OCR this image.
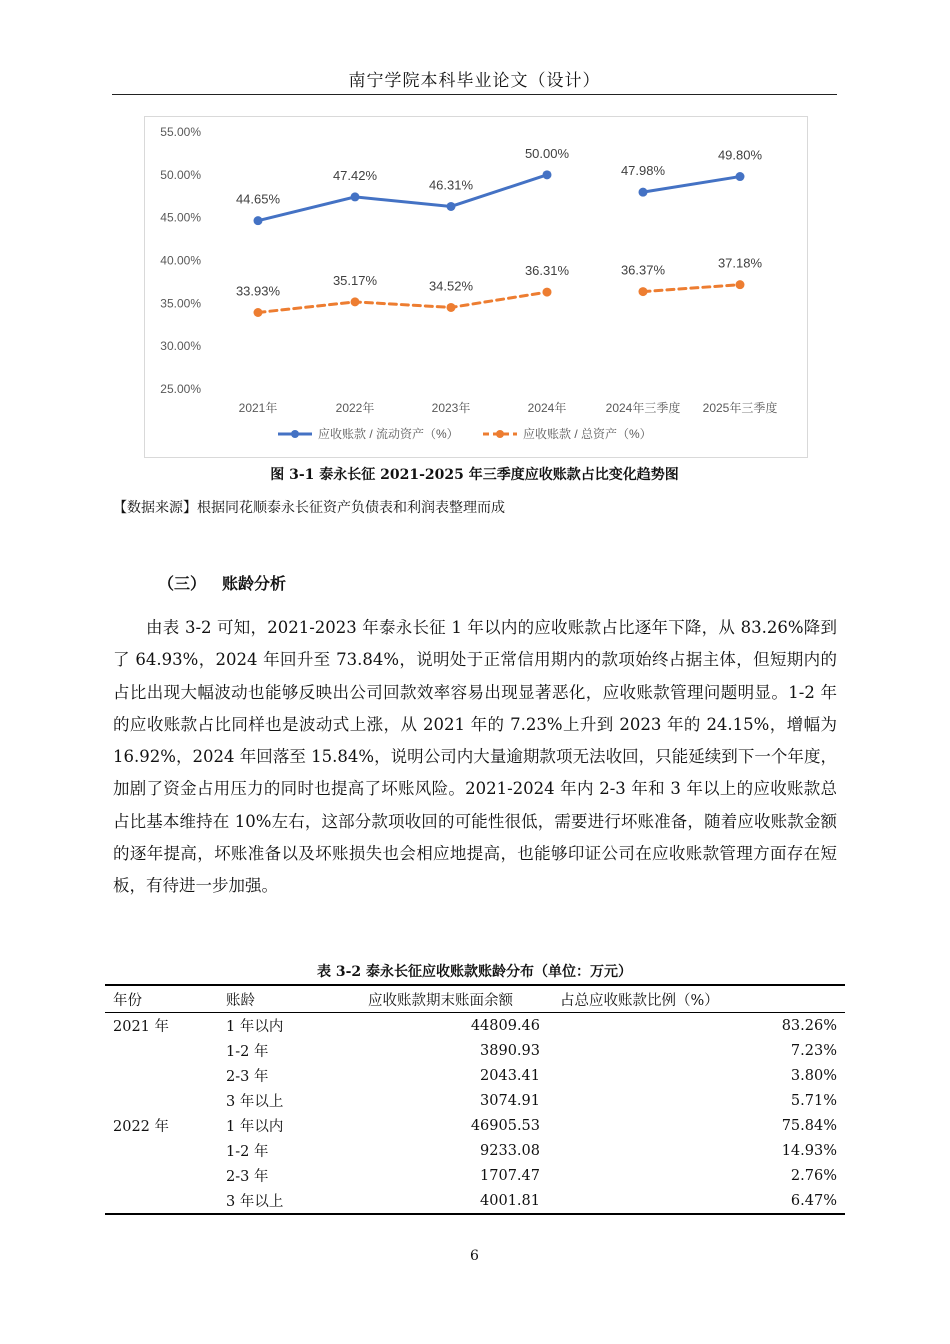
南宁学院本科毕业论文（设计）
55.00%
50.00%
45.00%
40.00%
35.00%
30.00%
25.00%
2021年	2022年	2023年	2024年	2024年三季度 2025年三季度
44.65%
47.42%
46.31%
50.00%
47.98%
49.80%
33.93%
35.17%	34.52%
36.31%	36.37%	37.18%
应收账款 / 流动资产（%）	应收账款 / 总资产（%）
图 3-1 泰永长征 2021-2025 年三季度应收账款占比变化趋势图
【数据来源】根据同花顺泰永长征资产负债表和利润表整理而成
（三） 账龄分析

由表 3-2 可知，2021-2023 年泰永长征 1 年以内的应收账款占比逐年下降，从 83.26%降到了 64.93%，2024 年回升至 73.84%，说明处于正常信用期内的款项始终占据主体，但短期内的占比出现大幅波动也能够反映出公司回款效率容易出现显著恶化，应收账款管理问题明显。1-2 年的应收账款占比同样也是波动式上涨，从 2021 年的 7.23%上升到 2023 年的 24.15%，增幅为 16.92%，2024 年回落至 15.84%，说明公司内大量逾期款项无法收回，只能延续到下一个年度，加剧了资金占用压力的同时也提高了坏账风险。2021-2024 年内 2-3 年和 3 年以上的应收账款总占比基本维持在 10%左右，这部分款项收回的可能性很低，需要进行坏账准备，随着应收账款金额的逐年提高，坏账准备以及坏账损失也会相应地提高，也能够印证公司在应收账款管理方面存在短板，有待进一步加强。

表 3-2 泰永长征应收账款账龄分布（单位：万元）
年份	账龄	应收账款期末账面余额	占总应收账款比例（%）
2021 年	1 年以内	44809.46	83.26%
	1-2 年	3890.93	7.23%
	2-3 年	2043.41	3.80%
	3 年以上	3074.91	5.71%
2022 年	1 年以内	46905.53	75.84%
	1-2 年	9233.08	14.93%
	2-3 年	1707.47	2.76%
	3 年以上	4001.81	6.47%
6
